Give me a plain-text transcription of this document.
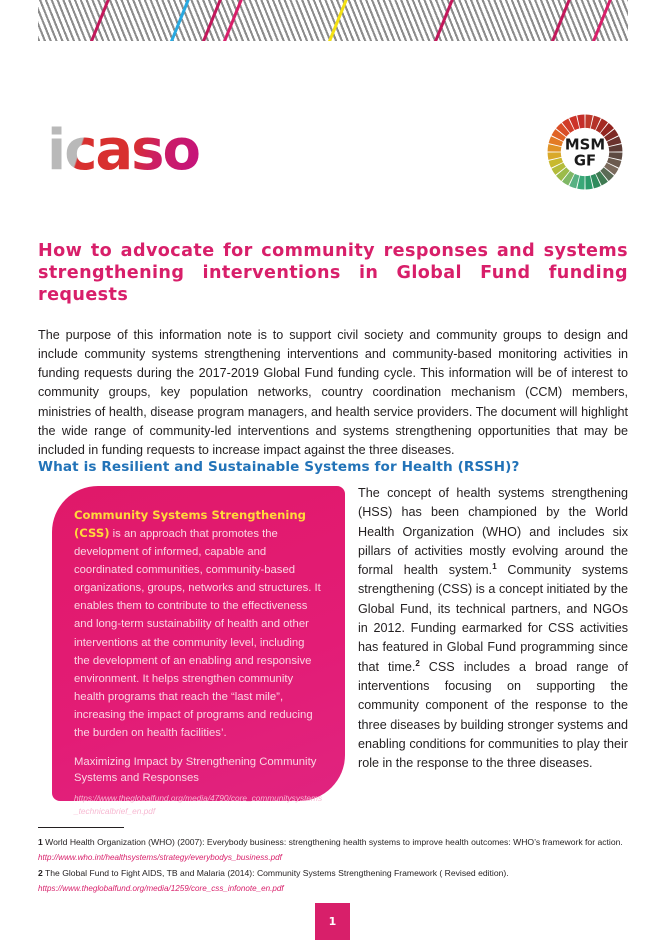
icaso	MSM
GF
How to advocate for community responses and systems
strengthening interventions in Global Fund funding requests

The purpose of this information note is to support civil society and community groups to design and include community systems strengthening interventions and community-based monitoring activities in funding requests during the 2017-2019 Global Fund funding cycle. This information will be of interest to community groups, key population networks, country coordination mechanism (CCM) members, ministries of health, disease program managers, and health service providers. The document will highlight the wide range of community-led interventions and systems strengthening opportunities that may be included in funding requests to increase impact against the three diseases.

What is Resilient and Sustainable Systems for Health (RSSH)?
Community Systems Strengthening (CSS) is an approach that promotes the development of informed, capable and coordinated communities, community-based organizations, groups, networks and structures. It enables them to contribute to the effectiveness and long-term sustainability of health and other interventions at the community level, including the development of an enabling and responsive environment. It helps strengthen community health programs that reach the “last mile”, increasing the impact of programs and reducing the burden on health facilities’.
Maximizing Impact by Strengthening Community Systems and Responses
https://www.theglobalfund.org/media/4790/core_communitysystems_technicalbrief_en.pdf
The concept of health systems strengthening (HSS) has been championed by the World Health Organization (WHO) and includes six pillars of activities mostly evolving around the formal health system.$^1$ Community systems strengthening (CSS) is a concept initiated by the Global Fund, its technical partners, and NGOs in 2012. Funding earmarked for CSS activities has featured in Global Fund programming since that time.$^2$ CSS includes a broad range of interventions focusing on supporting the community component of the response to the three diseases by building stronger systems and enabling conditions for communities to play their role in the response to the three diseases.

1 World Health Organization (WHO) (2007): Everybody business: strengthening health systems to improve health outcomes: WHO’s framework for action. http://www.who.int/healthsystems/strategy/everybodys_business.pdf

2 The Global Fund to Fight AIDS, TB and Malaria (2014): Community Systems Strengthening Framework ( Revised edition).
https://www.theglobalfund.org/media/1259/core_css_infonote_en.pdf

1
